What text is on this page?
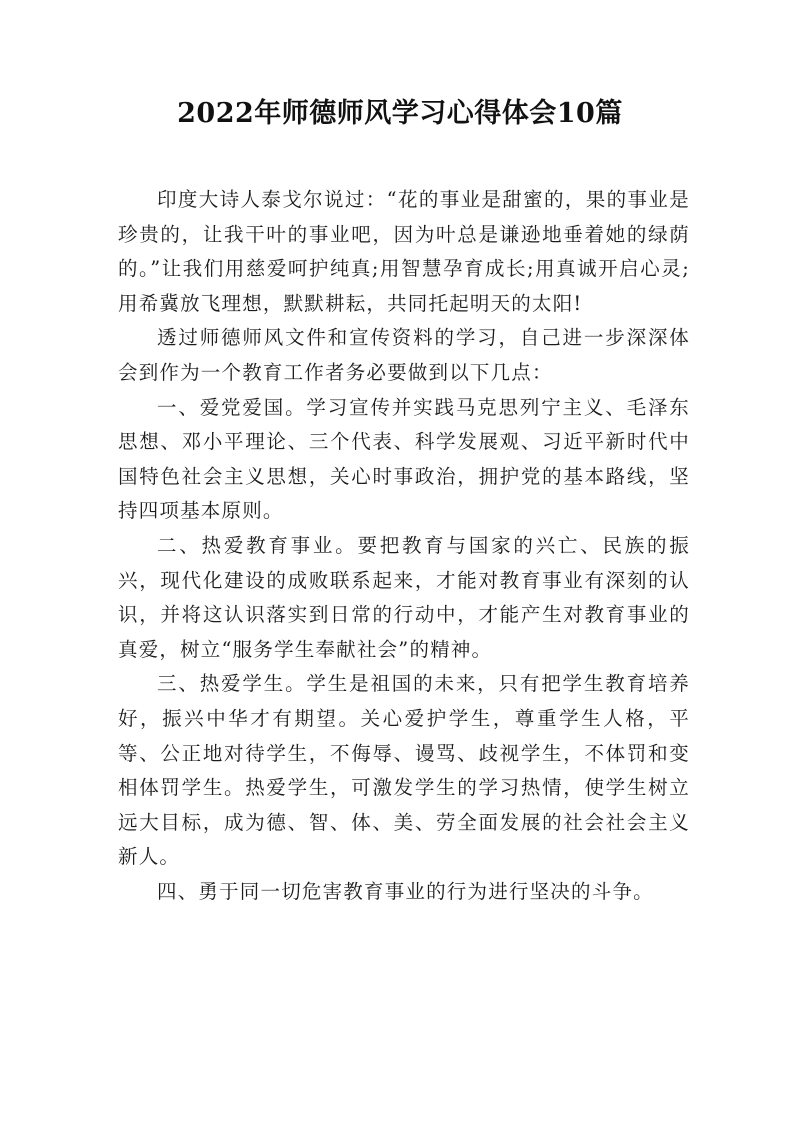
2022年师德师风学习心得体会10篇

印度大诗人泰戈尔说过：“花的事业是甜蜜的，果的事业是珍贵的，让我干叶的事业吧，因为叶总是谦逊地垂着她的绿荫的。”让我们用慈爱呵护纯真;用智慧孕育成长;用真诚开启心灵;用希冀放飞理想，默默耕耘，共同托起明天的太阳!

透过师德师风文件和宣传资料的学习，自己进一步深深体会到作为一个教育工作者务必要做到以下几点：

一、爱党爱国。学习宣传并实践马克思列宁主义、毛泽东思想、邓小平理论、三个代表、科学发展观、习近平新时代中国特色社会主义思想，关心时事政治，拥护党的基本路线，坚持四项基本原则。

二、热爱教育事业。要把教育与国家的兴亡、民族的振兴，现代化建设的成败联系起来，才能对教育事业有深刻的认识，并将这认识落实到日常的行动中，才能产生对教育事业的真爱，树立“服务学生奉献社会”的精神。

三、热爱学生。学生是祖国的未来，只有把学生教育培养好，振兴中华才有期望。关心爱护学生，尊重学生人格，平等、公正地对待学生，不侮辱、谩骂、歧视学生，不体罚和变相体罚学生。热爱学生，可激发学生的学习热情，使学生树立远大目标，成为德、智、体、美、劳全面发展的社会社会主义新人。

四、勇于同一切危害教育事业的行为进行坚决的斗争。
